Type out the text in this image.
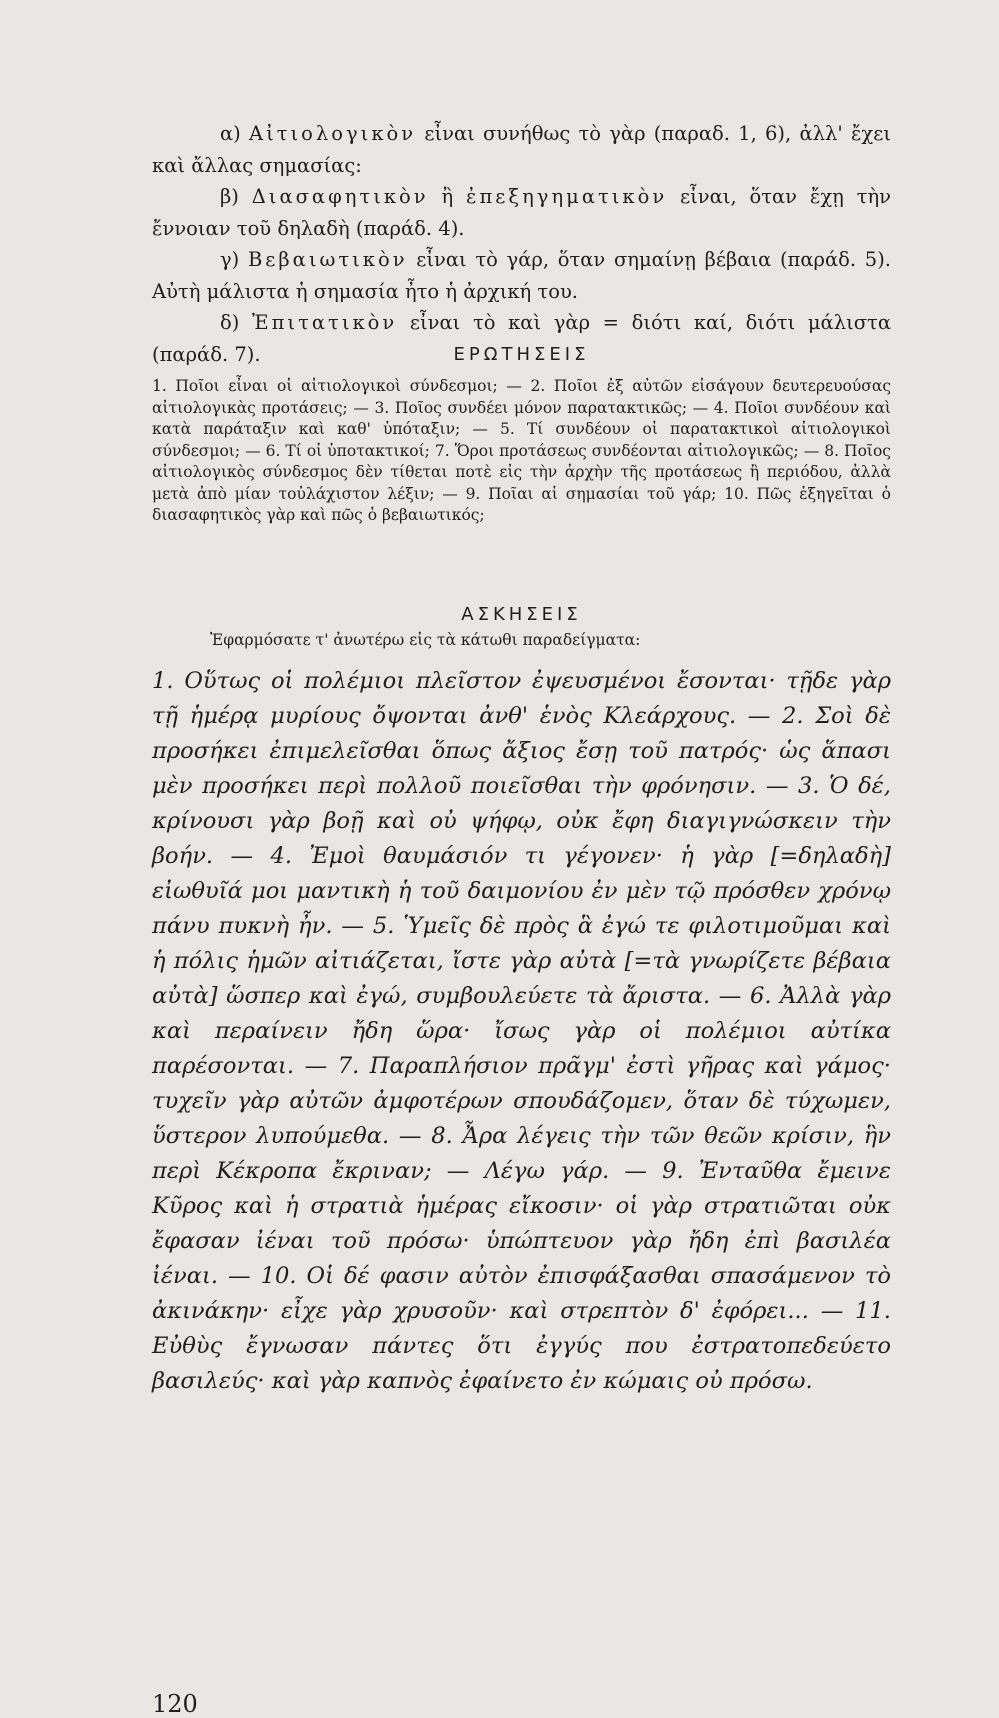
α) Αἰτιολογικὸν εἶναι συνήθως τὸ γὰρ (παραδ. 1, 6), ἀλλ' ἔχει καὶ ἄλλας σημασίας:

β) Διασαφητικὸν ἢ ἐπεξηγηματικὸν εἶναι, ὅταν ἔχῃ τὴν ἔννοιαν τοῦ δηλαδὴ (παράδ. 4).

γ) Βεβαιωτικὸν εἶναι τὸ γάρ, ὅταν σημαίνῃ βέβαια (παράδ. 5). Αὐτὴ μάλιστα ἡ σημασία ἦτο ἡ ἀρχική του.

δ) Ἐπιτατικὸν εἶναι τὸ καὶ γὰρ = διότι καί, διότι μάλιστα (παράδ. 7).	ΕΡΩΤΗΣΕΙΣ

1. Ποῖοι εἶναι οἱ αἰτιολογικοὶ σύνδεσμοι; — 2. Ποῖοι ἐξ αὐτῶν εἰσάγουν δευτερευούσας αἰτιολογικὰς προτάσεις; — 3. Ποῖος συνδέει μόνον παρατακτικῶς; — 4. Ποῖοι συνδέουν καὶ κατὰ παράταξιν καὶ καθ' ὑπόταξιν; — 5. Τί συνδέουν οἱ παρατακτικοὶ αἰτιολογικοὶ σύνδεσμοι; — 6. Τί οἱ ὑποτακτικοί; 7. Ὅροι προτάσεως συνδέονται αἰτιολογικῶς; — 8. Ποῖος αἰτιολογικὸς σύνδεσμος δὲν τίθεται ποτὲ εἰς τὴν ἀρχὴν τῆς προτάσεως ἢ περιόδου, ἀλλὰ μετὰ ἀπὸ μίαν τοὐλάχιστον λέξιν; — 9. Ποῖαι αἱ σημασίαι τοῦ γάρ; 10. Πῶς ἐξηγεῖται ὁ διασαφητικὸς γὰρ καὶ πῶς ὁ βεβαιωτικός;

ΑΣΚΗΣΕΙΣ

Ἐφαρμόσατε τ' ἀνωτέρω εἰς τὰ κάτωθι παραδείγματα:

1. Οὕτως οἱ πολέμιοι πλεῖστον ἐψευσμένοι ἔσονται· τῇδε γὰρ τῇ ἡμέρᾳ μυρίους ὄψονται ἀνθ' ἑνὸς Κλεάρχους. — 2. Σοὶ δὲ προσήκει ἐπιμελεῖσθαι ὅπως ἄξιος ἔσῃ τοῦ πατρός· ὡς ἅπασι μὲν προσήκει περὶ πολλοῦ ποιεῖσθαι τὴν φρόνησιν. — 3. Ὁ δέ, κρίνουσι γὰρ βοῇ καὶ οὐ ψήφῳ, οὐκ ἔφη διαγιγνώσκειν τὴν βοήν. — 4. Ἐμοὶ θαυμάσιόν τι γέγονεν· ἡ γὰρ [=δηλαδὴ] εἰωθυῖά μοι μαντικὴ ἡ τοῦ δαιμονίου ἐν μὲν τῷ πρόσθεν χρόνῳ πάνυ πυκνὴ ἦν. — 5. Ὑμεῖς δὲ πρὸς ἃ ἐγώ τε φιλοτιμοῦμαι καὶ ἡ πόλις ἡμῶν αἰτιάζεται, ἴστε γὰρ αὐτὰ [=τὰ γνωρίζετε βέβαια αὐτὰ] ὥσπερ καὶ ἐγώ, συμβουλεύετε τὰ ἄριστα. — 6. Ἀλλὰ γὰρ καὶ περαίνειν ἤδη ὥρα· ἴσως γὰρ οἱ πολέμιοι αὐτίκα παρέσονται. — 7. Παραπλήσιον πρᾶγμ' ἐστὶ γῆρας καὶ γάμος· τυχεῖν γὰρ αὐτῶν ἀμφοτέρων σπουδάζομεν, ὅταν δὲ τύχωμεν, ὕστερον λυπούμεθα. — 8. Ἆρα λέγεις τὴν τῶν θεῶν κρίσιν, ἣν περὶ Κέκροπα ἔκριναν; — Λέγω γάρ. — 9. Ἐνταῦθα ἔμεινε Κῦρος καὶ ἡ στρατιὰ ἡμέρας εἴκοσιν· οἱ γὰρ στρατιῶται οὐκ ἔφασαν ἰέναι τοῦ πρόσω· ὑπώπτευον γὰρ ἤδη ἐπὶ βασιλέα ἰέναι. — 10. Οἱ δέ φασιν αὐτὸν ἐπισφάξασθαι σπασάμενον τὸ ἀκινάκην· εἶχε γὰρ χρυσοῦν· καὶ στρεπτὸν δ' ἐφόρει... — 11. Εὐθὺς ἔγνωσαν πάντες ὅτι ἐγγύς που ἐστρατοπεδεύετο βασιλεύς· καὶ γὰρ καπνὸς ἐφαίνετο ἐν κώμαις οὐ πρόσω.

120
